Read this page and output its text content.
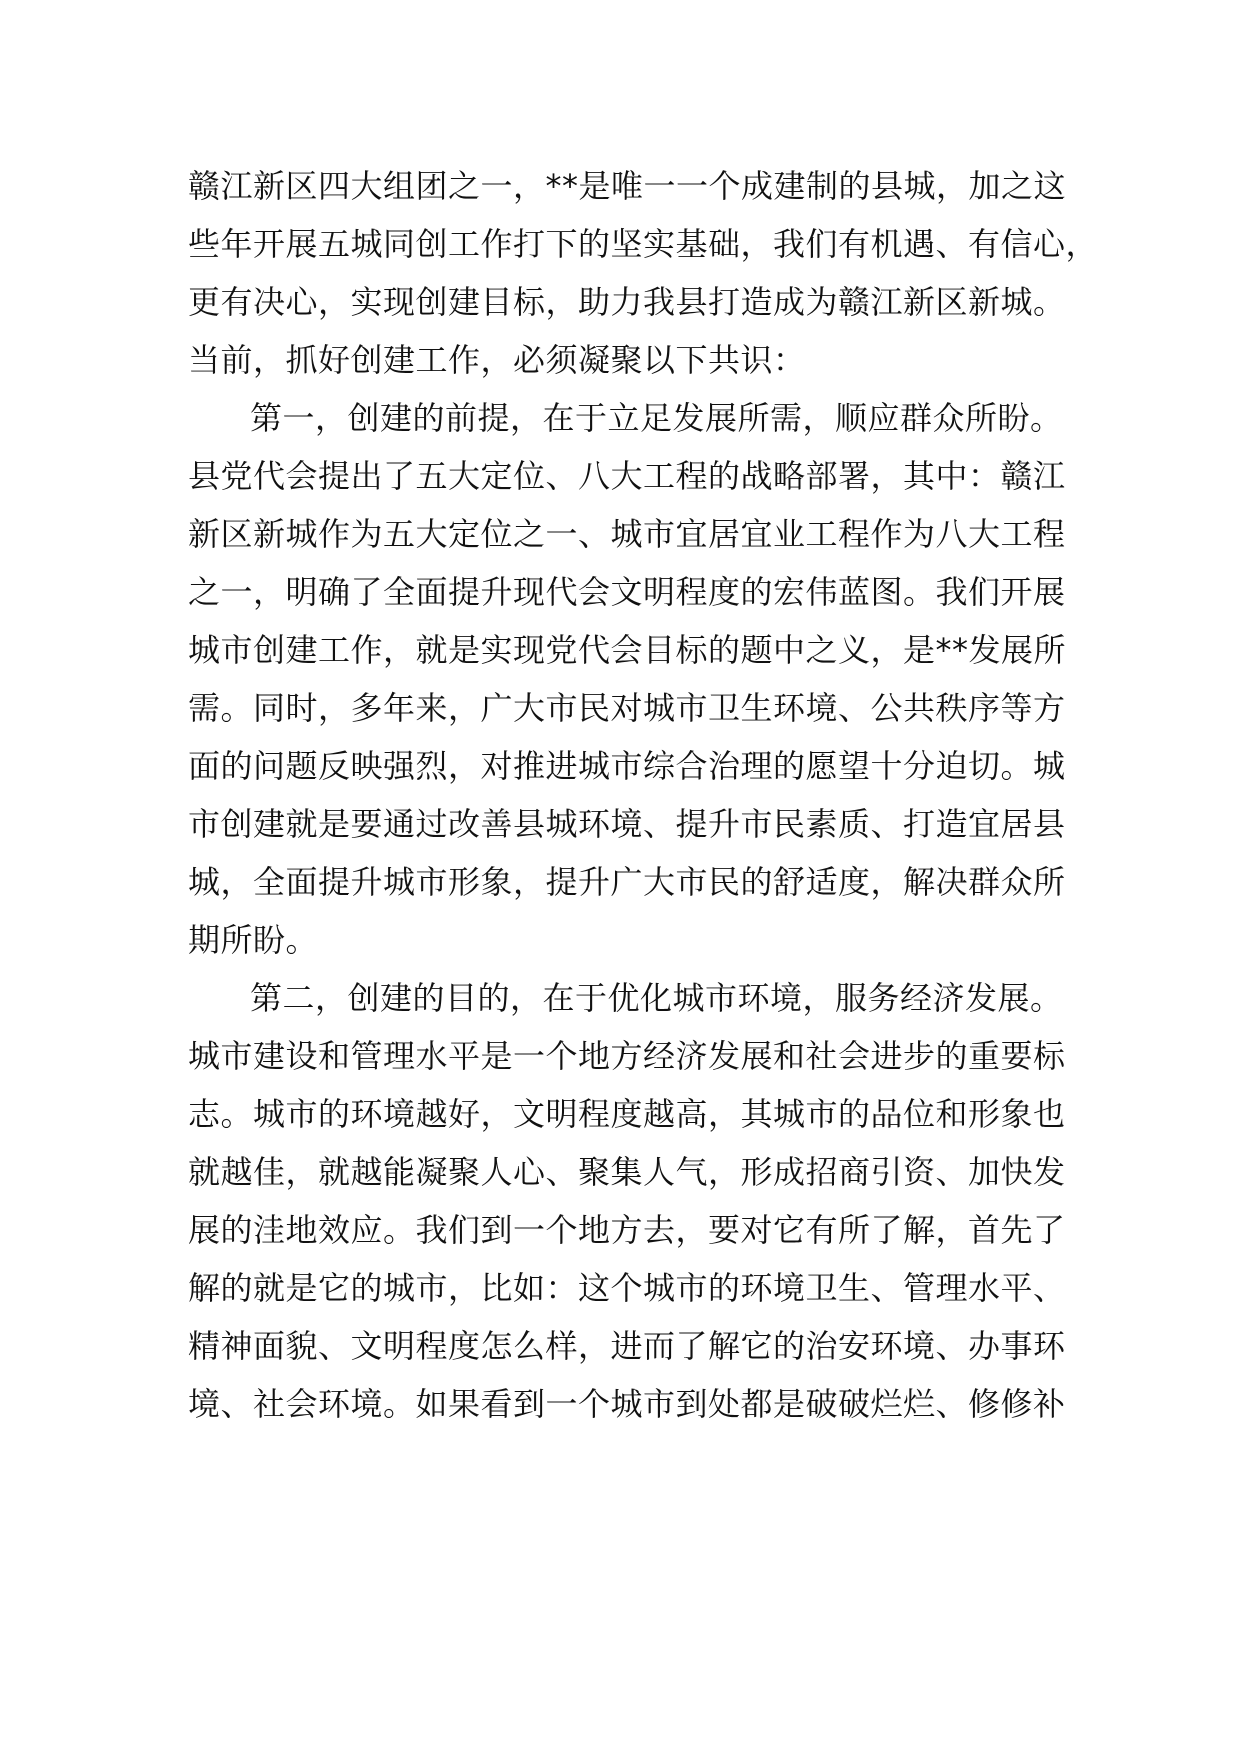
赣江新区四大组团之一，**是唯一一个成建制的县城，加之这
些年开展五城同创工作打下的坚实基础，我们有机遇、有信心，
更有决心，实现创建目标，助力我县打造成为赣江新区新城。
当前，抓好创建工作，必须凝聚以下共识：
第一，创建的前提，在于立足发展所需，顺应群众所盼。
县党代会提出了五大定位、八大工程的战略部署，其中：赣江
新区新城作为五大定位之一、城市宜居宜业工程作为八大工程
之一，明确了全面提升现代会文明程度的宏伟蓝图。我们开展
城市创建工作，就是实现党代会目标的题中之义，是**发展所
需。同时，多年来，广大市民对城市卫生环境、公共秩序等方
面的问题反映强烈，对推进城市综合治理的愿望十分迫切。城
市创建就是要通过改善县城环境、提升市民素质、打造宜居县
城，全面提升城市形象，提升广大市民的舒适度，解决群众所
期所盼。
第二，创建的目的，在于优化城市环境，服务经济发展。
城市建设和管理水平是一个地方经济发展和社会进步的重要标
志。城市的环境越好，文明程度越高，其城市的品位和形象也
就越佳，就越能凝聚人心、聚集人气，形成招商引资、加快发
展的洼地效应。我们到一个地方去，要对它有所了解，首先了
解的就是它的城市，比如：这个城市的环境卫生、管理水平、
精神面貌、文明程度怎么样，进而了解它的治安环境、办事环
境、社会环境。如果看到一个城市到处都是破破烂烂、修修补
